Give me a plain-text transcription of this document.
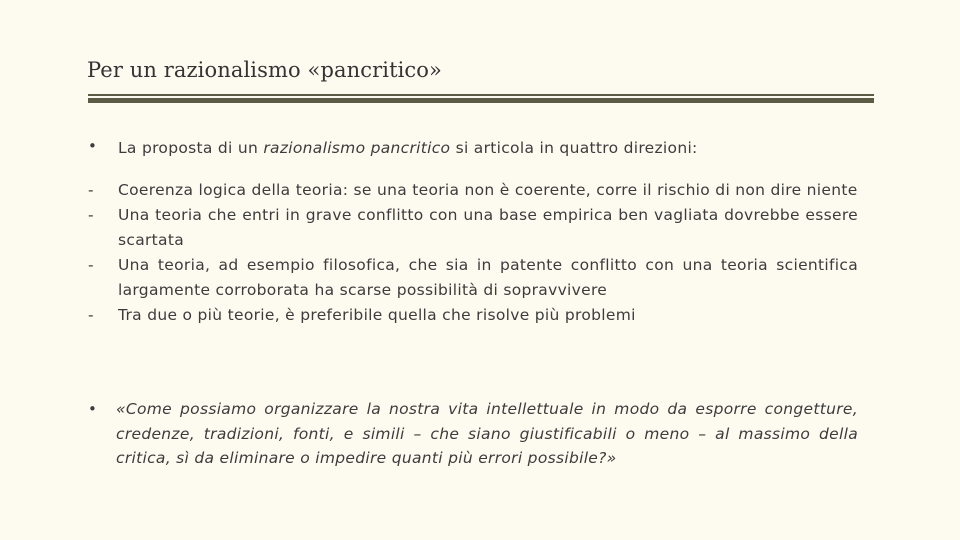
Per un razionalismo «pancritico»
• La proposta di un razionalismo pancritico si articola in quattro direzioni:
- Coerenza logica della teoria: se una teoria non è coerente, corre il rischio di non dire niente
- Una teoria che entri in grave conflitto con una base empirica ben vagliata dovrebbe essere scartata
- Una teoria, ad esempio filosofica, che sia in patente conflitto con una teoria scientifica largamente corroborata ha scarse possibilità di sopravvivere
- Tra due o più teorie, è preferibile quella che risolve più problemi
• «Come possiamo organizzare la nostra vita intellettuale in modo da esporre congetture, credenze, tradizioni, fonti, e simili – che siano giustificabili o meno – al massimo della critica, sì da eliminare o impedire quanti più errori possibile?»
